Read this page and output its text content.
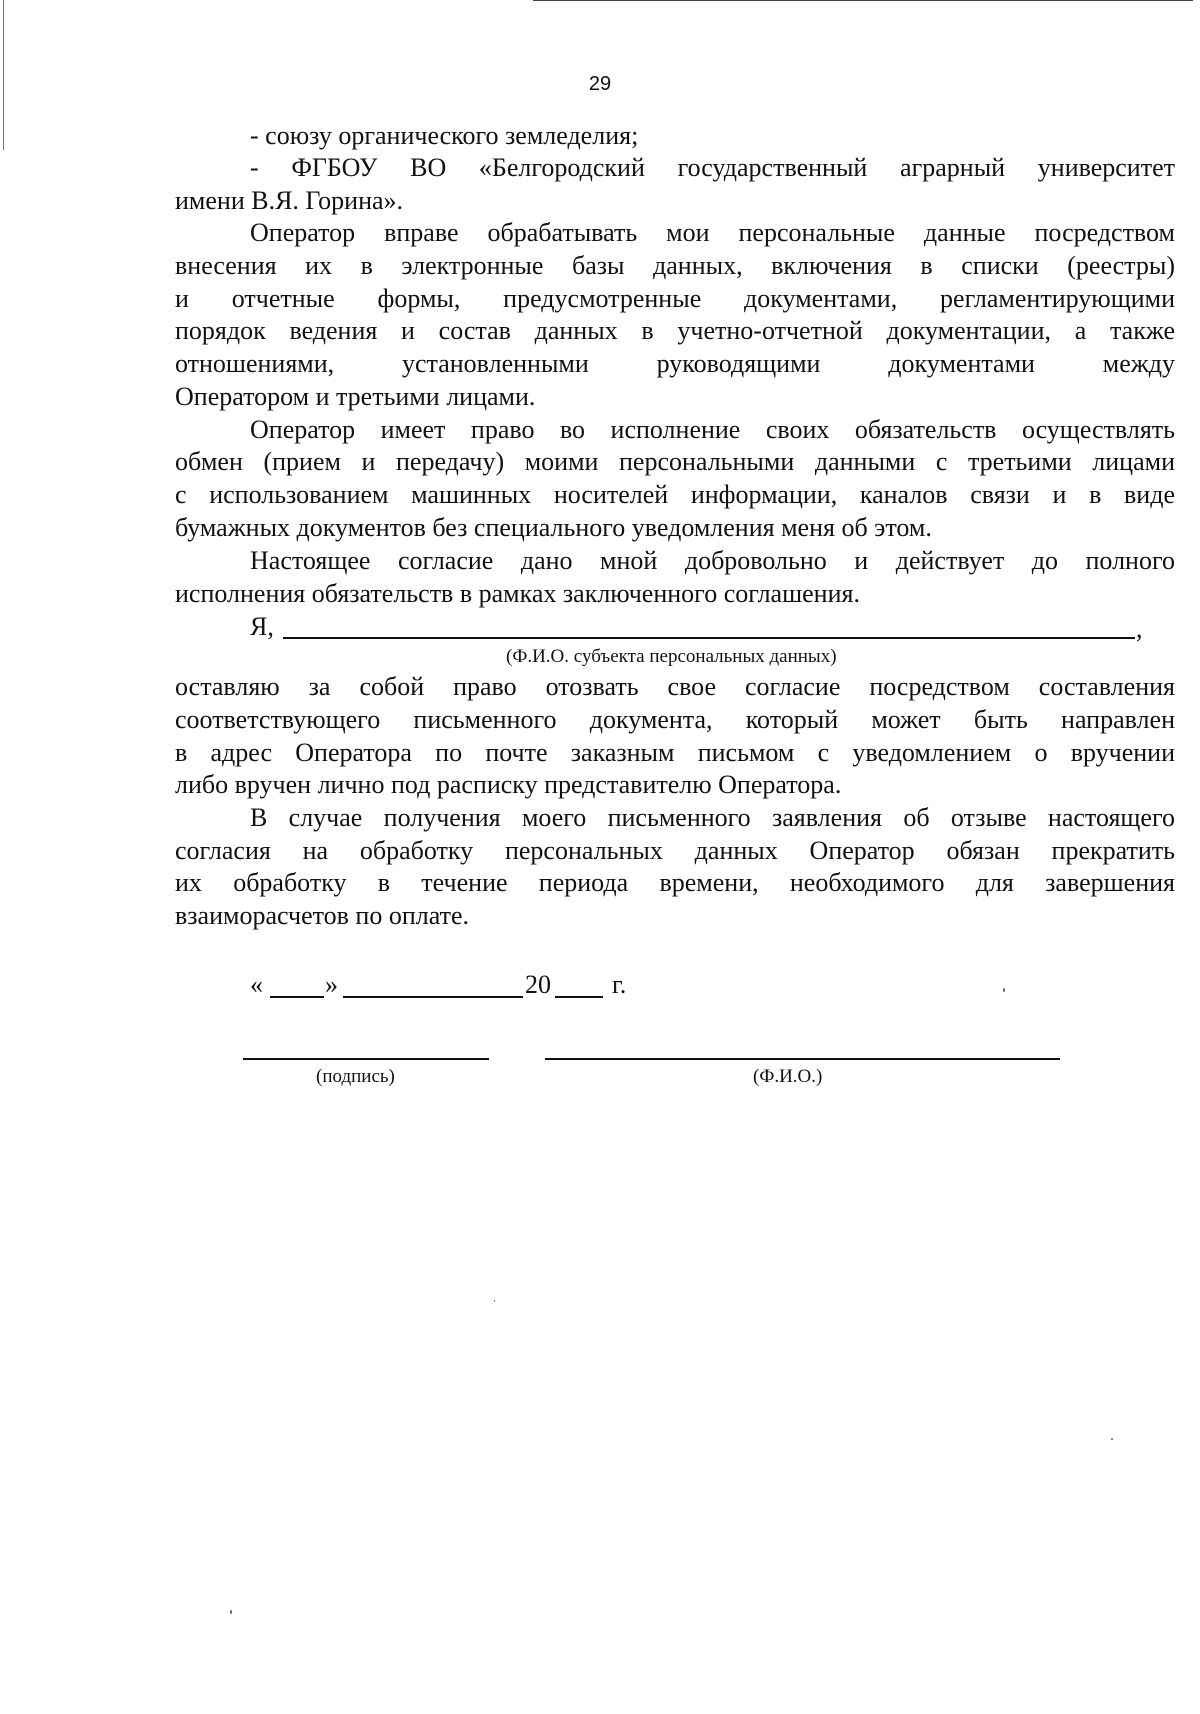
29
- союзу органического земледелия;
- ФГБОУ ВО «Белгородский государственный аграрный университет
имени В.Я. Горина».
Оператор вправе обрабатывать мои персональные данные посредством
внесения их в электронные базы данных, включения в списки (реестры)
и отчетные формы, предусмотренные документами, регламентирующими
порядок ведения и состав данных в учетно-отчетной документации, а также
отношениями, установленными руководящими документами между
Оператором и третьими лицами.
Оператор имеет право во исполнение своих обязательств осуществлять
обмен (прием и передачу) моими персональными данными с третьими лицами
с использованием машинных носителей информации, каналов связи и в виде
бумажных документов без специального уведомления меня об этом.
Настоящее согласие дано мной добровольно и действует до полного
исполнения обязательств в рамках заключенного соглашения.
Я,	,
(Ф.И.О. субъекта персональных данных)
оставляю за собой право отозвать свое согласие посредством составления
соответствующего письменного документа, который может быть направлен
в адрес Оператора по почте заказным письмом с уведомлением о вручении
либо вручен лично под расписку представителю Оператора.
В случае получения моего письменного заявления об отзыве настоящего
согласия на обработку персональных данных Оператор обязан прекратить
их обработку в течение периода времени, необходимого для завершения
взаиморасчетов по оплате.
« »	20 г.
(подпись)	(Ф.И.О.)
